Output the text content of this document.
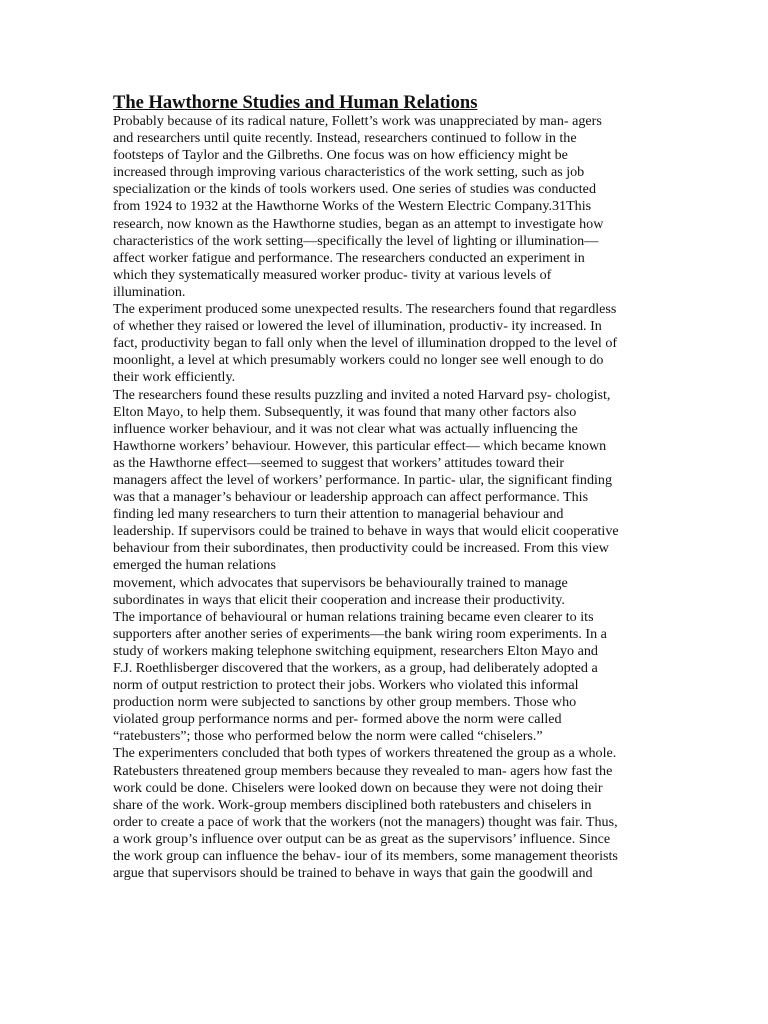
The Hawthorne Studies and Human Relations
Probably because of its radical nature, Follett’s work was unappreciated by man- agers
and researchers until quite recently. Instead, researchers continued to follow in the
footsteps of Taylor and the Gilbreths. One focus was on how efficiency might be
increased through improving various characteristics of the work setting, such as job
specialization or the kinds of tools workers used. One series of studies was conducted
from 1924 to 1932 at the Hawthorne Works of the Western Electric Company.31This
research, now known as the Hawthorne studies, began as an attempt to investigate how
characteristics of the work setting—specifically the level of lighting or illumination—
affect worker fatigue and performance. The researchers conducted an experiment in
which they systematically measured worker produc- tivity at various levels of
illumination.
The experiment produced some unexpected results. The researchers found that regardless
of whether they raised or lowered the level of illumination, productiv- ity increased. In
fact, productivity began to fall only when the level of illumination dropped to the level of
moonlight, a level at which presumably workers could no longer see well enough to do
their work efficiently.
The researchers found these results puzzling and invited a noted Harvard psy- chologist,
Elton Mayo, to help them. Subsequently, it was found that many other factors also
influence worker behaviour, and it was not clear what was actually influencing the
Hawthorne workers’ behaviour. However, this particular effect— which became known
as the Hawthorne effect—seemed to suggest that workers’ attitudes toward their
managers affect the level of workers’ performance. In partic- ular, the significant finding
was that a manager’s behaviour or leadership approach can affect performance. This
finding led many researchers to turn their attention to managerial behaviour and
leadership. If supervisors could be trained to behave in ways that would elicit cooperative
behaviour from their subordinates, then productivity could be increased. From this view
emerged the human relations
movement, which advocates that supervisors be behaviourally trained to manage
subordinates in ways that elicit their cooperation and increase their productivity.
The importance of behavioural or human relations training became even clearer to its
supporters after another series of experiments—the bank wiring room experiments. In a
study of workers making telephone switching equipment, researchers Elton Mayo and
F.J. Roethlisberger discovered that the workers, as a group, had deliberately adopted a
norm of output restriction to protect their jobs. Workers who violated this informal
production norm were subjected to sanctions by other group members. Those who
violated group performance norms and per- formed above the norm were called
“ratebusters”; those who performed below the norm were called “chiselers.”
The experimenters concluded that both types of workers threatened the group as a whole.
Ratebusters threatened group members because they revealed to man- agers how fast the
work could be done. Chiselers were looked down on because they were not doing their
share of the work. Work-group members disciplined both ratebusters and chiselers in
order to create a pace of work that the workers (not the managers) thought was fair. Thus,
a work group’s influence over output can be as great as the supervisors’ influence. Since
the work group can influence the behav- iour of its members, some management theorists
argue that supervisors should be trained to behave in ways that gain the goodwill and
